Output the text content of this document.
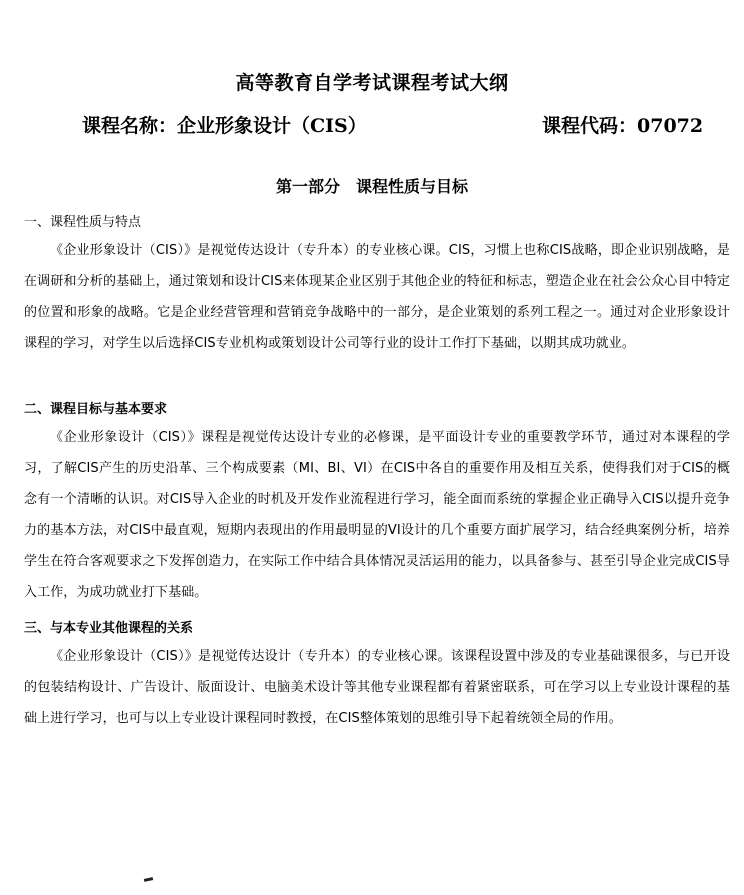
高等教育自学考试课程考试大纲
课程名称：企业形象设计（CIS）	课程代码：07072
第一部分　课程性质与目标
一、课程性质与特点

《企业形象设计（CIS）》是视觉传达设计（专升本）的专业核心课。CIS，习惯上也称CIS战略，即企业识别战略，是在调研和分析的基础上，通过策划和设计CIS来体现某企业区别于其他企业的特征和标志，塑造企业在社会公众心目中特定的位置和形象的战略。它是企业经营管理和营销竞争战略中的一部分，是企业策划的系列工程之一。通过对企业形象设计课程的学习，对学生以后选择CIS专业机构或策划设计公司等行业的设计工作打下基础，以期其成功就业。

二、课程目标与基本要求

《企业形象设计（CIS）》课程是视觉传达设计专业的必修课，是平面设计专业的重要教学环节，通过对本课程的学习，了解CIS产生的历史沿革、三个构成要素（MI、BI、VI）在CIS中各自的重要作用及相互关系，使得我们对于CIS的概念有一个清晰的认识。对CIS导入企业的时机及开发作业流程进行学习，能全面而系统的掌握企业正确导入CIS以提升竞争力的基本方法，对CIS中最直观，短期内表现出的作用最明显的VI设计的几个重要方面扩展学习，结合经典案例分析，培养学生在符合客观要求之下发挥创造力，在实际工作中结合具体情况灵活运用的能力，以具备参与、甚至引导企业完成CIS导入工作，为成功就业打下基础。

三、与本专业其他课程的关系

《企业形象设计（CIS）》是视觉传达设计（专升本）的专业核心课。该课程设置中涉及的专业基础课很多，与已开设的包装结构设计、广告设计、版面设计、电脑美术设计等其他专业课程都有着紧密联系，可在学习以上专业设计课程的基础上进行学习，也可与以上专业设计课程同时教授，在CIS整体策划的思维引导下起着统领全局的作用。
